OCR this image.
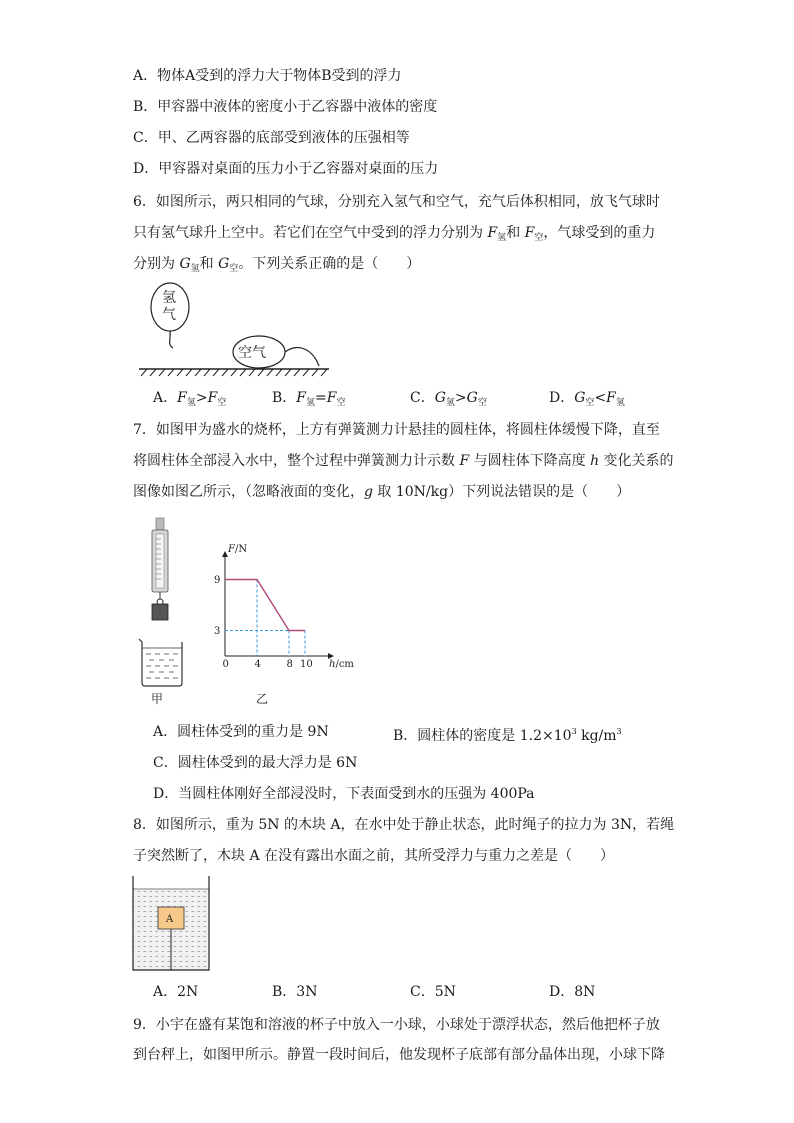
A．物体A受到的浮力大于物体B受到的浮力
B．甲容器中液体的密度小于乙容器中液体的密度
C．甲、乙两容器的底部受到液体的压强相等
D．甲容器对桌面的压力小于乙容器对桌面的压力
6．如图所示，两只相同的气球，分别充入氢气和空气，充气后体积相同，放飞气球时
只有氢气球升上空中。若它们在空气中受到的浮力分别为 $F_氢$和 $F_空$，气球受到的重力
分别为 $G_氢$和 $G_空$。下列关系正确的是（　　）
氢
气
空气
A．$F_氢>F_空$	B．$F_氢=F_空$	C．$G_氢>G_空$	D．$G_空<F_氢$
7．如图甲为盛水的烧杯，上方有弹簧测力计悬挂的圆柱体，将圆柱体缓慢下降，直至
将圆柱体全部浸入水中，整个过程中弹簧测力计示数 F 与圆柱体下降高度 h 变化关系的
图像如图乙所示，（忽略液面的变化，g 取 10N/kg）下列说法错误的是（　　）
甲
F/N
h/cm
0	4	8 10
3
9
乙
A．圆柱体受到的重力是 9N	B．圆柱体的密度是 $1.2\times 10^3$ $kg/m^3$
C．圆柱体受到的最大浮力是 6N
D．当圆柱体刚好全部浸没时，下表面受到水的压强为 400Pa
8．如图所示，重为 5N 的木块 A，在水中处于静止状态，此时绳子的拉力为 3N，若绳
子突然断了，木块 A 在没有露出水面之前，其所受浮力与重力之差是（　　）
A
A．2N	B．3N	C．5N	D．8N
9．小宇在盛有某饱和溶液的杯子中放入一小球，小球处于漂浮状态，然后他把杯子放
到台秤上，如图甲所示。静置一段时间后，他发现杯子底部有部分晶体出现，小球下降
